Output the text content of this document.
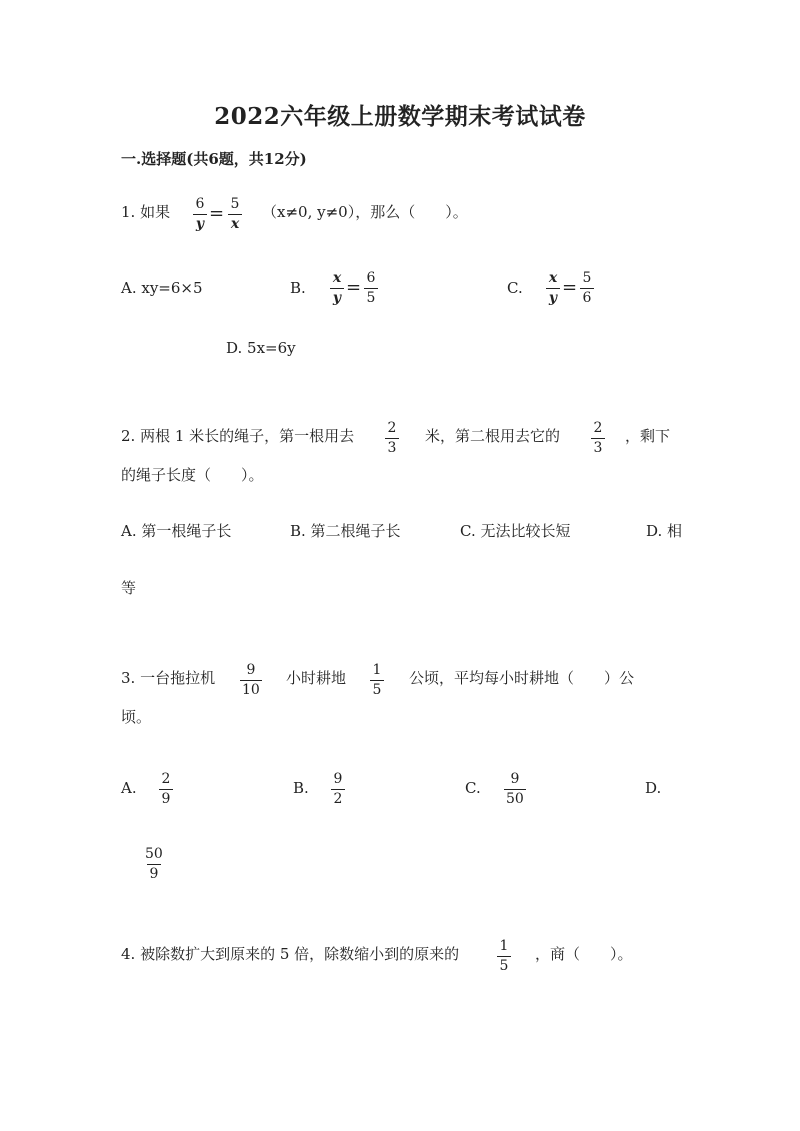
2022六年级上册数学期末考试试卷
一.选择题(共6题，共12分)
1. 如果 $\frac{6}{y} = \frac{5}{x} (x\ne 0$, y≠0），那么（　　）。
A. xy=6×5	B. $\frac{x}{y} = \frac{6}{5}$	C. $\frac{x}{y} = \frac{5}{6}$
D. 5x=6y
2. 两根 1 米长的绳子，第一根用去 $\frac{2}{3}$ 米，第二根用去它的 $\frac{2}{3}$ ，剩下
的绳子长度（　　）。
A. 第一根绳子长	B. 第二根绳子长	C. 无法比较长短	D. 相
等
3. 一台拖拉机 $\frac{9}{10}$ 小时耕地 $\frac{1}{5}$ 公顷，平均每小时耕地（　　）公
顷。
A. $\frac{2}{9}$	B. $\frac{9}{2}$	C. $\frac{9}{50}$	D.
$\frac{50}{9}$
4. 被除数扩大到原来的 5 倍，除数缩小到的原来的	$\frac{1}{5}$ ，商（　　）。
